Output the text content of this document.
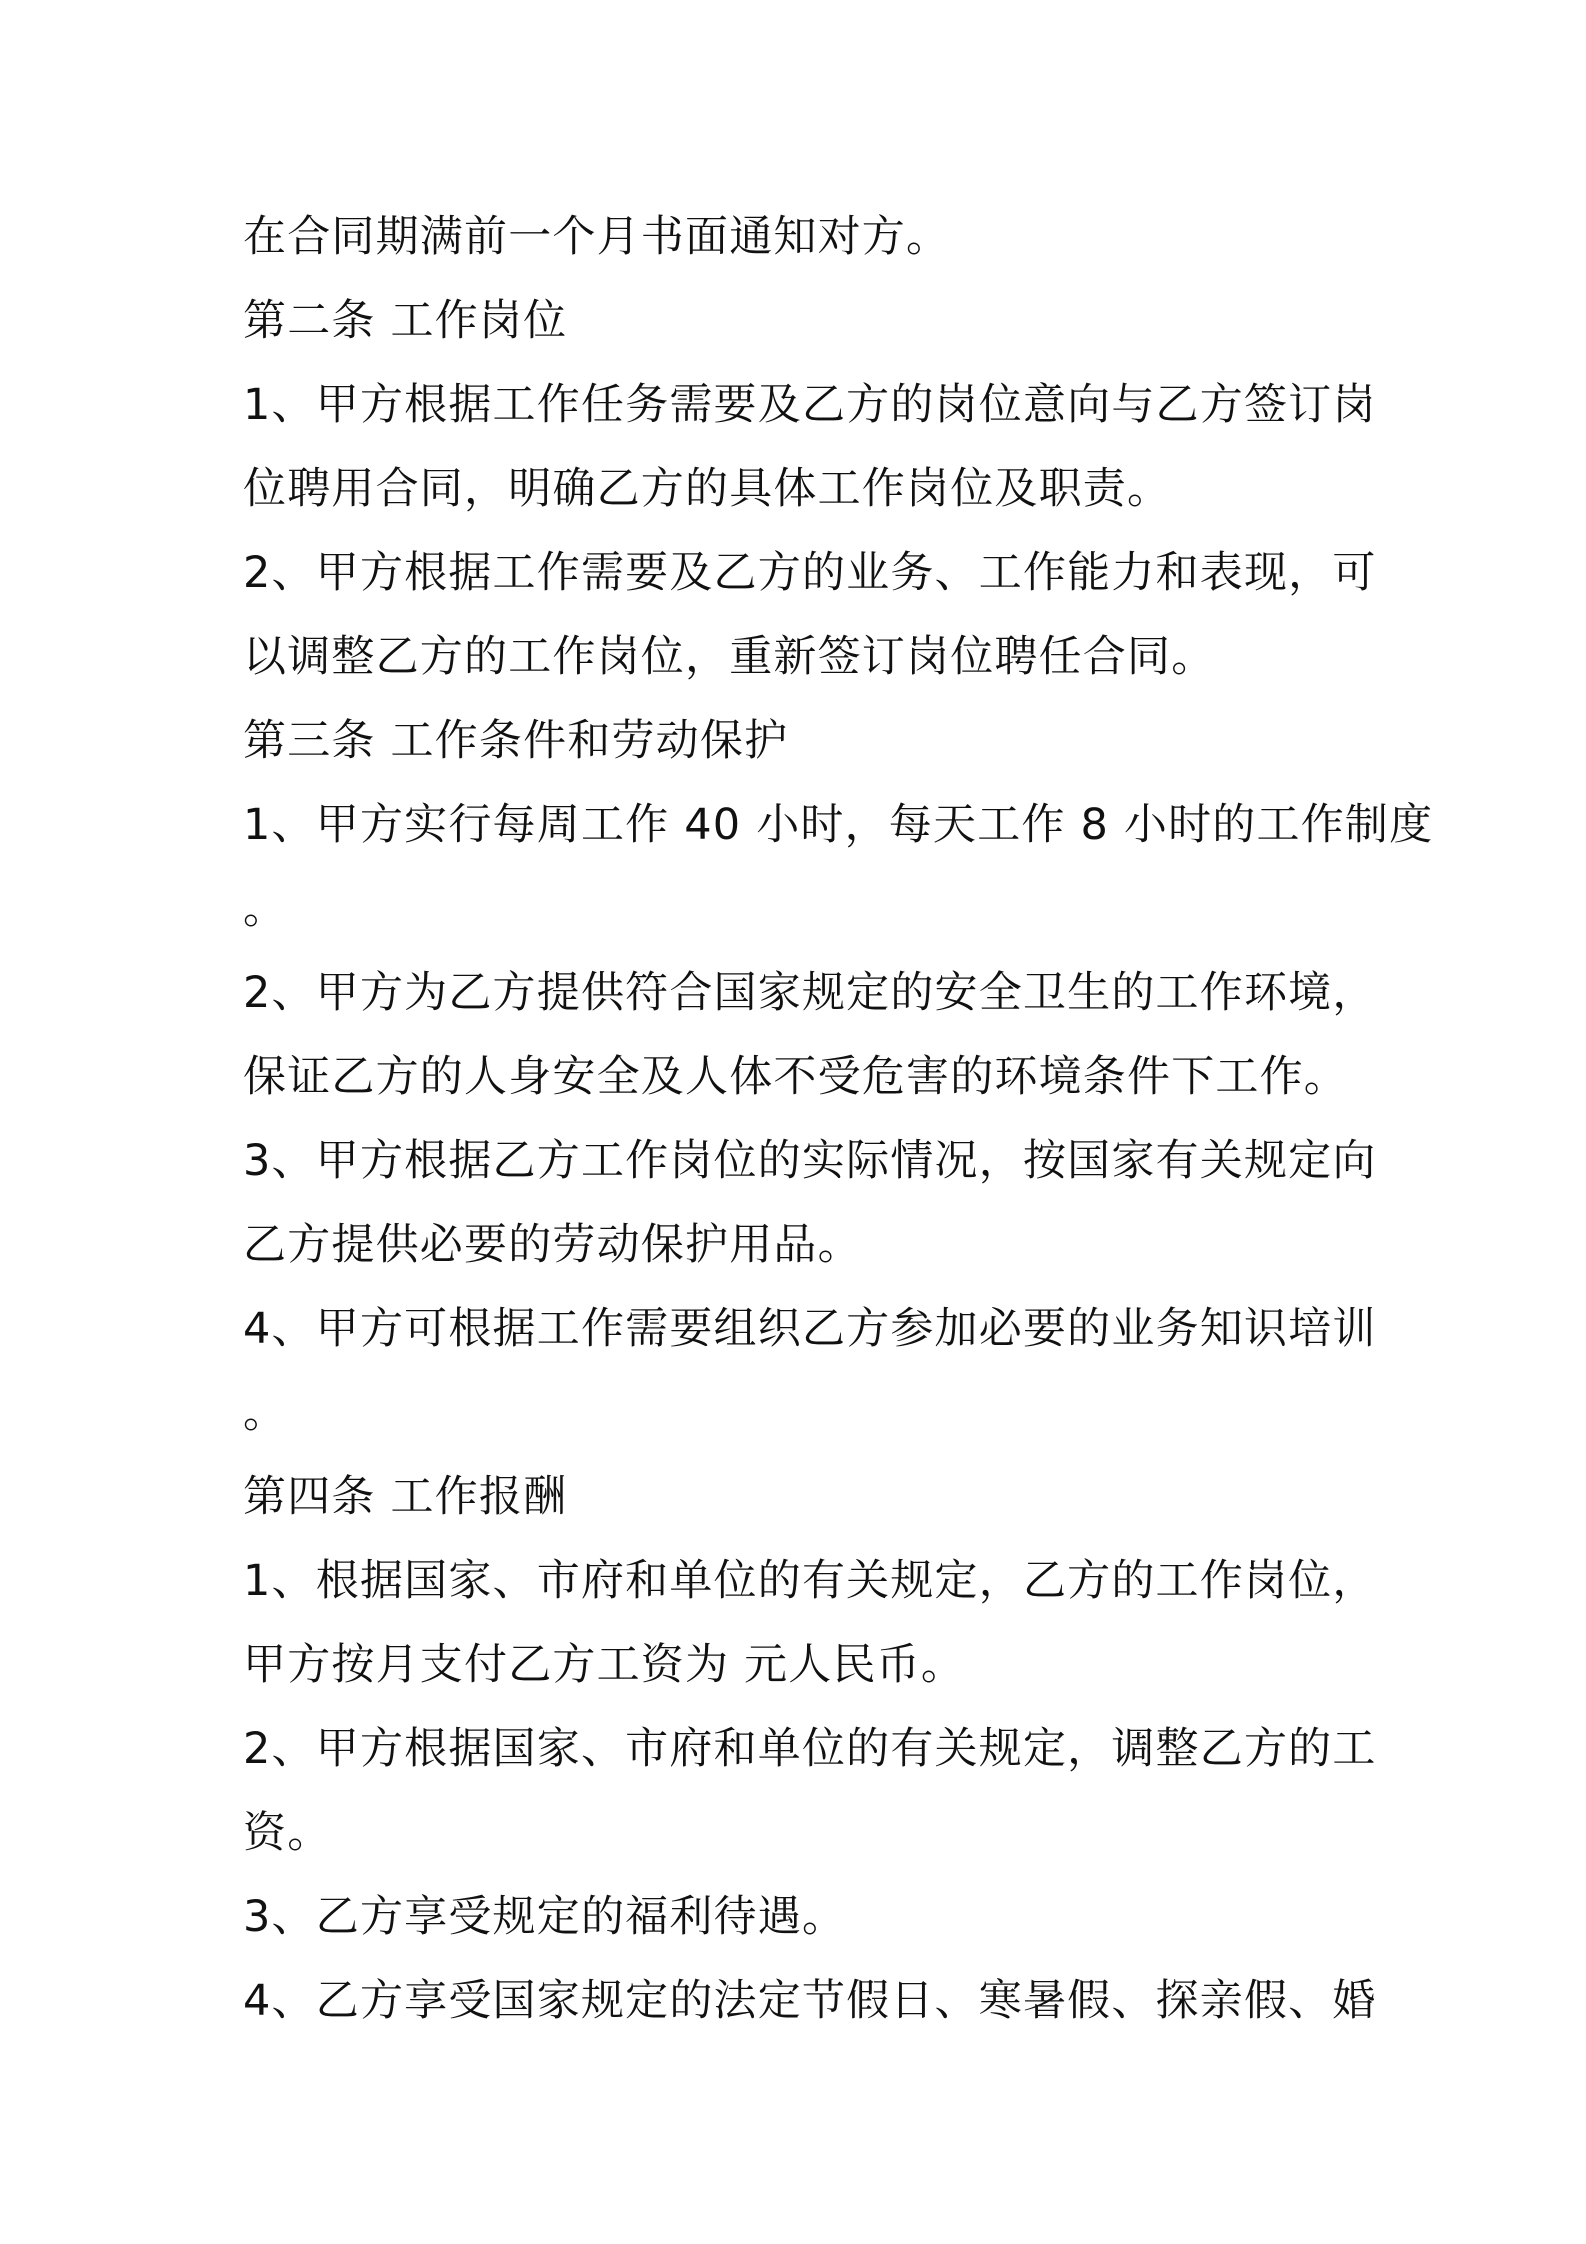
在合同期满前一个月书面通知对方。
第二条 工作岗位
1、甲方根据工作任务需要及乙方的岗位意向与乙方签订岗
位聘用合同，明确乙方的具体工作岗位及职责。
2、甲方根据工作需要及乙方的业务、工作能力和表现，可
以调整乙方的工作岗位，重新签订岗位聘任合同。
第三条 工作条件和劳动保护
1、甲方实行每周工作 40 小时，每天工作 8 小时的工作制度
。
2、甲方为乙方提供符合国家规定的安全卫生的工作环境，
保证乙方的人身安全及人体不受危害的环境条件下工作。
3、甲方根据乙方工作岗位的实际情况，按国家有关规定向
乙方提供必要的劳动保护用品。
4、甲方可根据工作需要组织乙方参加必要的业务知识培训
。
第四条 工作报酬
1、根据国家、市府和单位的有关规定，乙方的工作岗位，
甲方按月支付乙方工资为 元人民币。
2、甲方根据国家、市府和单位的有关规定，调整乙方的工
资。
3、乙方享受规定的福利待遇。
4、乙方享受国家规定的法定节假日、寒暑假、探亲假、婚
